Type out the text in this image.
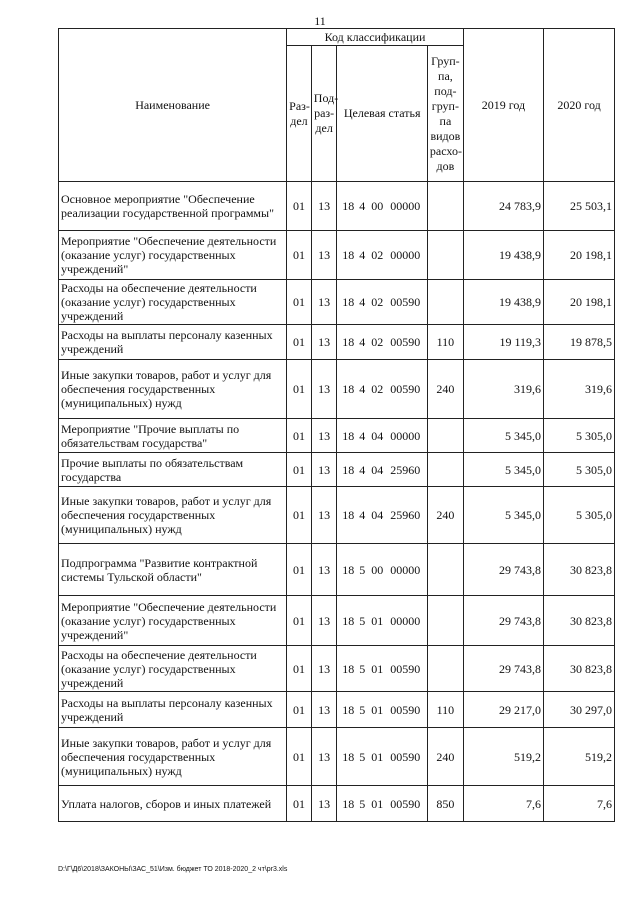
11
Наименование	Код классификации				2019 год	2020 год
	Раз-дел	Под-раз-дел	Целевая статья	Груп-па, под-груп-па видов расхо-дов		
Основное мероприятие "Обеспечение реализации государственной программы"	01	13	18 4 00 00000		24 783,9	25 503,1
Мероприятие "Обеспечение деятельности (оказание услуг) государственных учреждений"	01	13	18 4 02 00000		19 438,9	20 198,1
Расходы на обеспечение деятельности (оказание услуг) государственных учреждений	01	13	18 4 02 00590		19 438,9	20 198,1
Расходы на выплаты персоналу казенных учреждений	01	13	18 4 02 00590	110	19 119,3	19 878,5
Иные закупки товаров, работ и услуг для обеспечения государственных (муниципальных) нужд	01	13	18 4 02 00590	240	319,6	319,6
Мероприятие "Прочие выплаты по обязательствам государства"	01	13	18 4 04 00000		5 345,0	5 305,0
Прочие выплаты по обязательствам государства	01	13	18 4 04 25960		5 345,0	5 305,0
Иные закупки товаров, работ и услуг для обеспечения государственных (муниципальных) нужд	01	13	18 4 04 25960	240	5 345,0	5 305,0
Подпрограмма "Развитие контрактной системы Тульской области"	01	13	18 5 00 00000		29 743,8	30 823,8
Мероприятие "Обеспечение деятельности (оказание услуг) государственных учреждений"	01	13	18 5 01 00000		29 743,8	30 823,8
Расходы на обеспечение деятельности (оказание услуг) государственных учреждений	01	13	18 5 01 00590		29 743,8	30 823,8
Расходы на выплаты персоналу казенных учреждений	01	13	18 5 01 00590	110	29 217,0	30 297,0
Иные закупки товаров, работ и услуг для обеспечения государственных (муниципальных) нужд	01	13	18 5 01 00590	240	519,2	519,2
Уплата налогов, сборов и иных платежей	01	13	18 5 01 00590	850	7,6	7,6
D:\Г\Д6\2018\ЗАКОНЫ\ЗАС_51\Изм. бюджет ТО 2018-2020_2 чт\pr3.xls
